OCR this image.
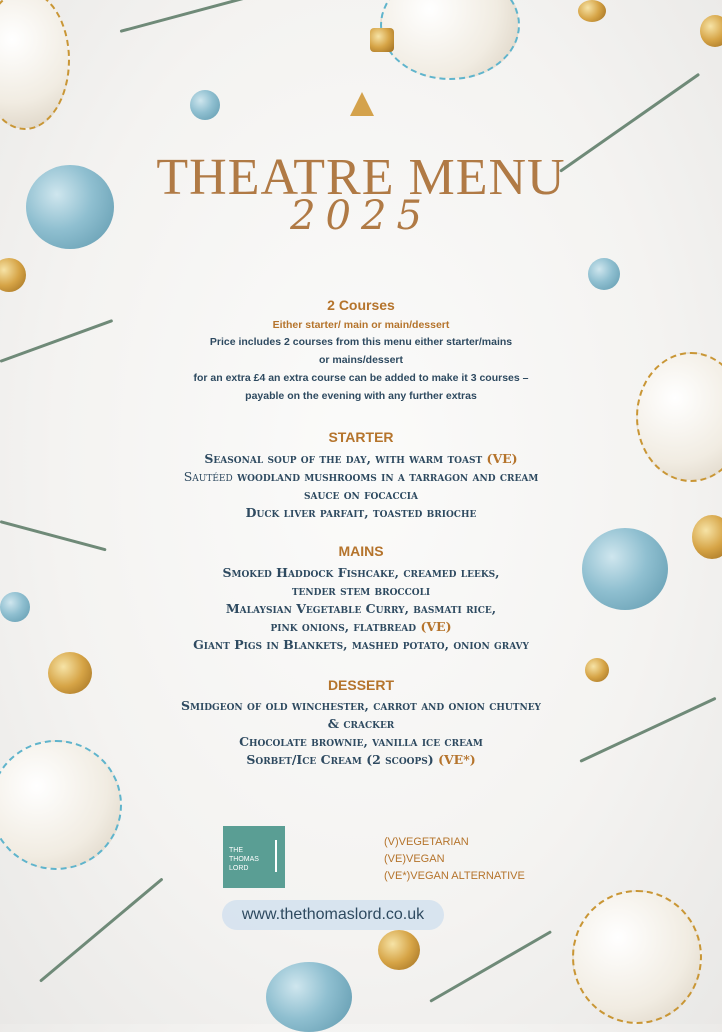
THEATRE MENU
2025
2 Courses
Either starter/ main or main/dessert
Price includes 2 courses from this menu either starter/mains
or mains/dessert
for an extra £4 an extra course can be added to make it 3 courses –
payable on the evening with any further extras
STARTER
Seasonal soup of the day, with warm toast (VE)
Sautéed woodland mushrooms in a tarragon and cream
sauce on focaccia
Duck liver parfait, toasted brioche
MAINS
Smoked Haddock Fishcake, creamed leeks,
tender stem broccoli
Malaysian Vegetable Curry, basmati rice,
pink onions, flatbread (VE)
Giant Pigs in Blankets, mashed potato, onion gravy
DESSERT
Smidgeon of old winchester, carrot and onion chutney
& cracker
Chocolate brownie, vanilla ice cream
Sorbet/Ice Cream (2 scoops) (VE*)
THE
THOMAS
LORD
(V)VEGETARIAN
(VE)VEGAN
(VE*)VEGAN ALTERNATIVE
www.thethomaslord.co.uk
